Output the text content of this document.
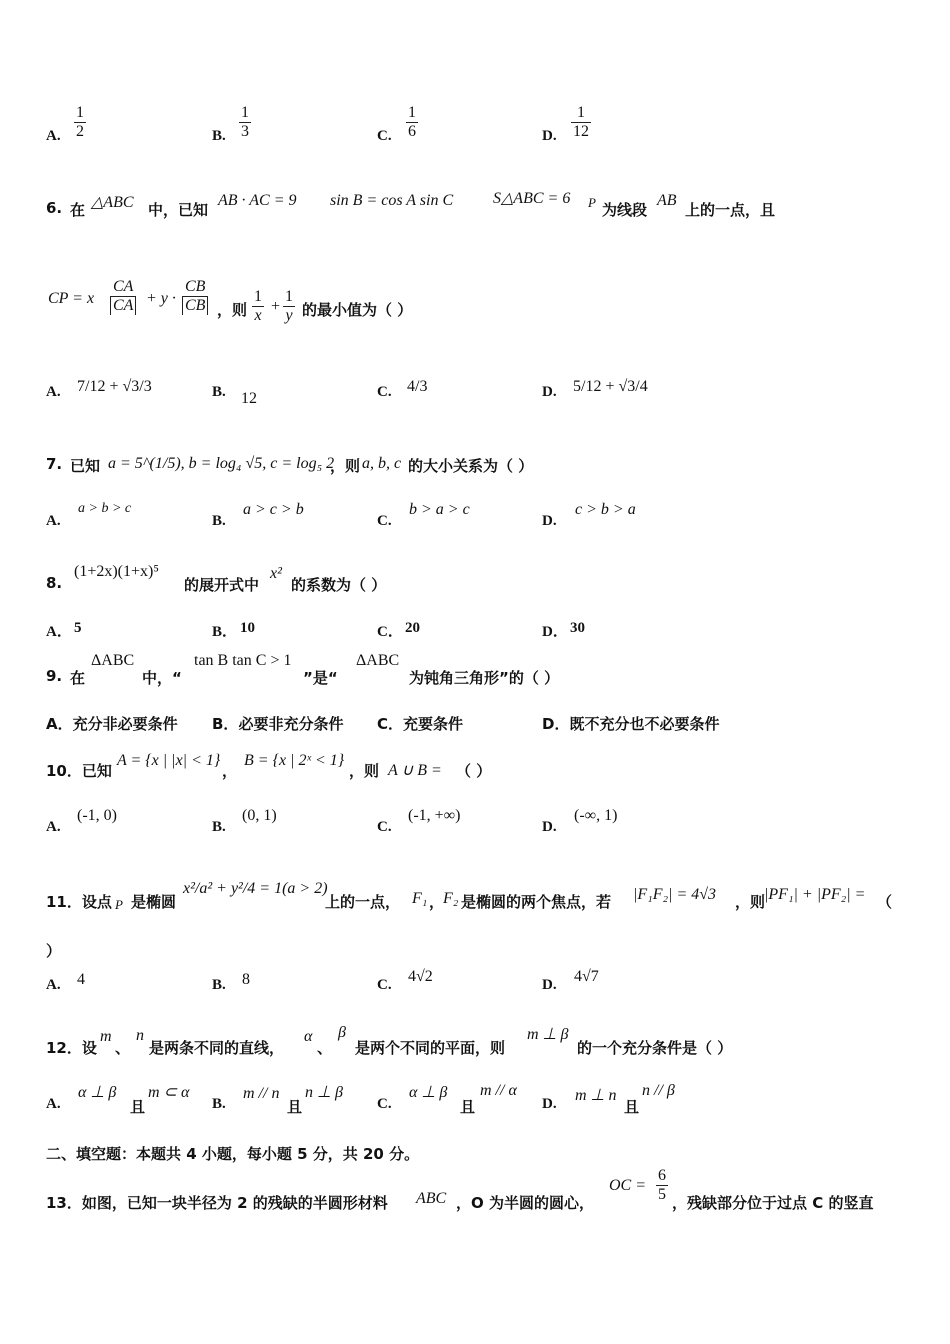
A. $\frac{1}{2}$	B. $\frac{1}{3}$	C. $\frac{1}{6}$	D. $\frac{1}{12}$
6. 在 △ABC 中，已知
AB · AC = 9 sin B = cos A sin C S△ABC = 6 P 为线段
AB
上的一点，且
CP = x $\frac{CA}{CA} + y \cdot \frac{CB}{CB}$ ，则 $\frac{1}{x} + \frac{1}{y}$ 的最小值为（ ）
A. 7/12 + √3/3	B. 12	C. 4/3	D. 5/12 + √3/4
7. 已知 a = 5^(1/5), b = log₄ √5, c = log₅ 2
，则 a, b, c 的大小关系为（ ）
A.
a > b > c
B.
a > c > b
C.
b > a > c
D.
c > b > a
8.
(1+2x)(1+x)⁵
的展开式中
x²
的系数为（ ）
A． 5	B． 10	C． 20	D． 30
9. 在
ΔABC
中，“
tan B tan C > 1
”是“
ΔABC
为钝角三角形”的（ ）
A．充分非必要条件 B．必要非充分条件 C．充要条件	D．既不充分也不必要条件
10．已知
A = {x | |x| < 1}
，
B = {x | 2ˣ < 1}
，则 A ∪ B = （ ）
A.
(-1, 0)
B.
(0, 1)
C.
(-1, +∞)
D.
(-∞, 1)
11．设点 P 是椭圆
x²/a² + y²/4 = 1(a > 2)
上的一点， F₁ ，
F₂ 是椭圆的两个焦点，若 |F₁F₂| = 4√3 ，则
|PF₁| + |PF₂| = （
）
A. 4	B. 8	C. 4√2	D. 4√7
12．设
m
、
n
是两条不同的直线，
α
、
β
是两个不同的平面，则
m ⊥ β
的一个充分条件是（ ）
A.
α ⊥ β
且
m ⊂ α
B.
m // n
且
n ⊥ β
C.
α ⊥ β
且
m // α
D. m ⊥ n
且
n // β
二、填空题：本题共 4 小题，每小题 5 分，共 20 分。
13．如图，已知一块半径为 2 的残缺的半圆形材料 ABC ，O 为半圆的圆心，
OC = $\frac{6}{5}$ ，残缺部分位于过点 C 的竖直
